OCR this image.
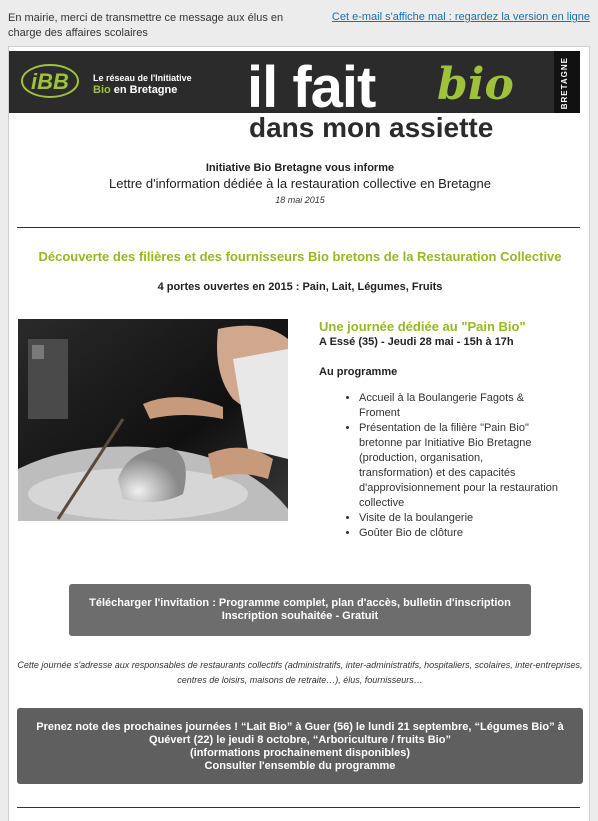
En mairie, merci de transmettre ce message aux élus en charge des affaires scolaires
Cet e-mail s'affiche mal : regardez la version en ligne
BRETAGNE
iBB	Le réseau de l'Initiative
Bio en Bretagne il fait bio
dans mon assiette
Initiative Bio Bretagne vous informe
Lettre d'information dédiée à la restauration collective en Bretagne
18 mai 2015
Découverte des filières et des fournisseurs Bio bretons de la Restauration Collective
4 portes ouvertes en 2015 : Pain, Lait, Légumes, Fruits
Une journée dédiée au "Pain Bio"
A Essé (35) - Jeudi 28 mai - 15h à 17h
Au programme
• Accueil à la Boulangerie Fagots & Froment
• Présentation de la filière "Pain Bio" bretonne par Initiative Bio Bretagne (production, organisation, transformation) et des capacités d'approvisionnement pour la restauration collective
• Visite de la boulangerie
• Goûter Bio de clôture
Télécharger l'invitation : Programme complet, plan d'accès, bulletin d'inscription
Inscription souhaitée - Gratuit
Cette journée s'adresse aux responsables de restaurants collectifs (administratifs, inter-administratifs, hospitaliers, scolaires, inter-entreprises, centres de loisirs, maisons de retraite…), élus, fournisseurs…
Prenez note des prochaines journées ! “Lait Bio” à Guer (56) le lundi 21 septembre, “Légumes Bio” à Quévert (22) le jeudi 8 octobre, “Arboriculture / fruits Bio”
(informations prochainement disponibles)
Consulter l'ensemble du programme
